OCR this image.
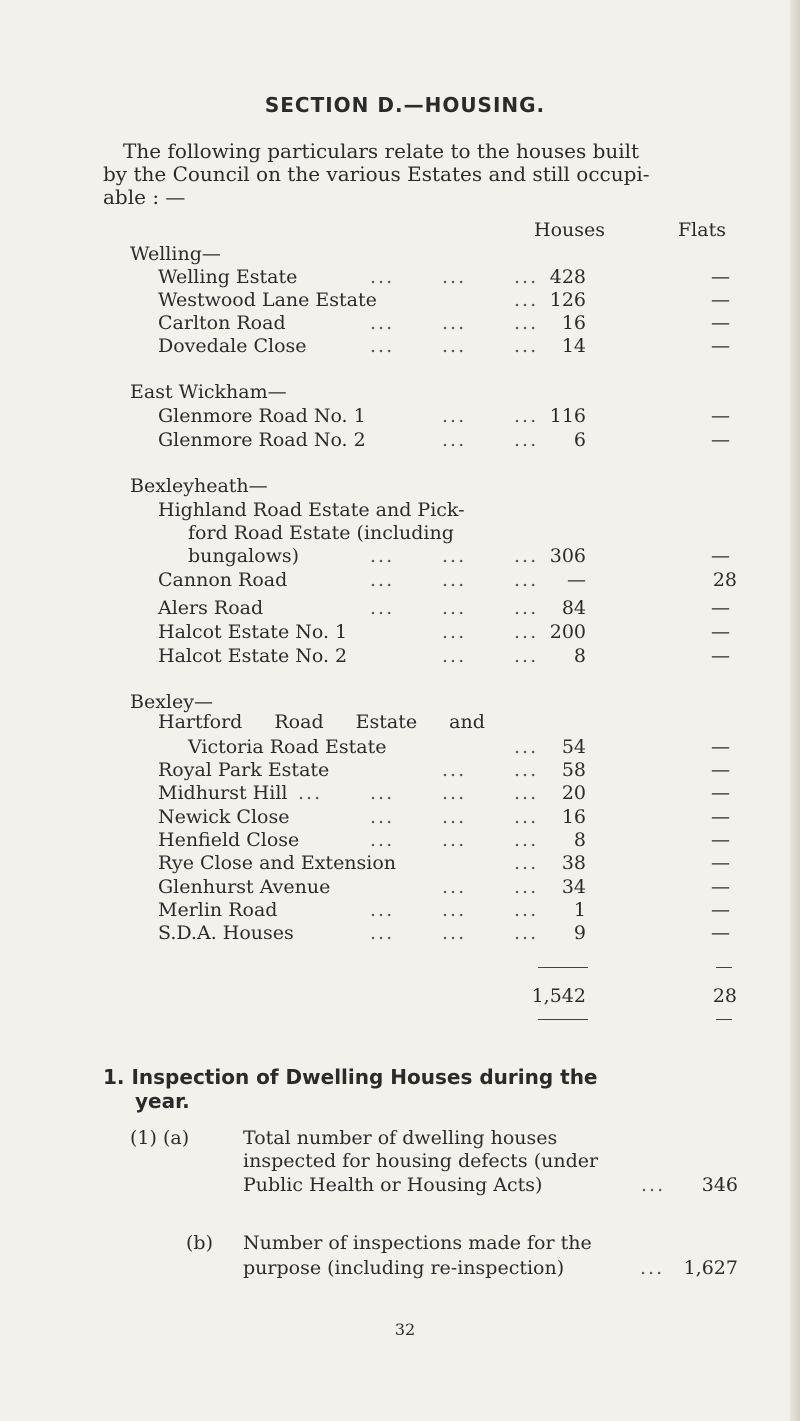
SECTION D.—HOUSING.
The following particulars relate to the houses built
by the Council on the various Estates and still occupi-
able : —
Houses	Flats
Welling—
Welling Estate	...	...	... 428	—
Westwood Lane Estate	... 126	—
Carlton Road	...	...	... 16	—
Dovedale Close	...	...	... 14	—
East Wickham—
Glenmore Road No. 1	...	... 116	—
Glenmore Road No. 2	...	... 6	—
Bexleyheath—
Highland Road Estate and Pick-
ford Road Estate (including
bungalows)	...	...	... 306	—
Cannon Road	...	...	... —	28
Alers Road	...	...	... 84	—
Halcot Estate No. 1	...	... 200	—
Halcot Estate No. 2	...	... 8	—
Bexley—
Hartford Road Estate and
Victoria Road Estate	... 54	—
Royal Park Estate	...	... 58	—
Midhurst Hill ...	...	...	... 20	—
Newick Close	...	...	... 16	—
Henfield Close	...	...	... 8	—
Rye Close and Extension	... 38	—
Glenhurst Avenue	...	... 34	—
Merlin Road	...	...	... 1	—
S.D.A. Houses	...	...	... 9	—
1,542	28
1. Inspection of Dwelling Houses during the
year.
(1) (a)	Total number of dwelling houses
inspected for housing defects (under
Public Health or Housing Acts)	... 346
(b) Number of inspections made for the
purpose (including re-inspection)	... 1,627
32
